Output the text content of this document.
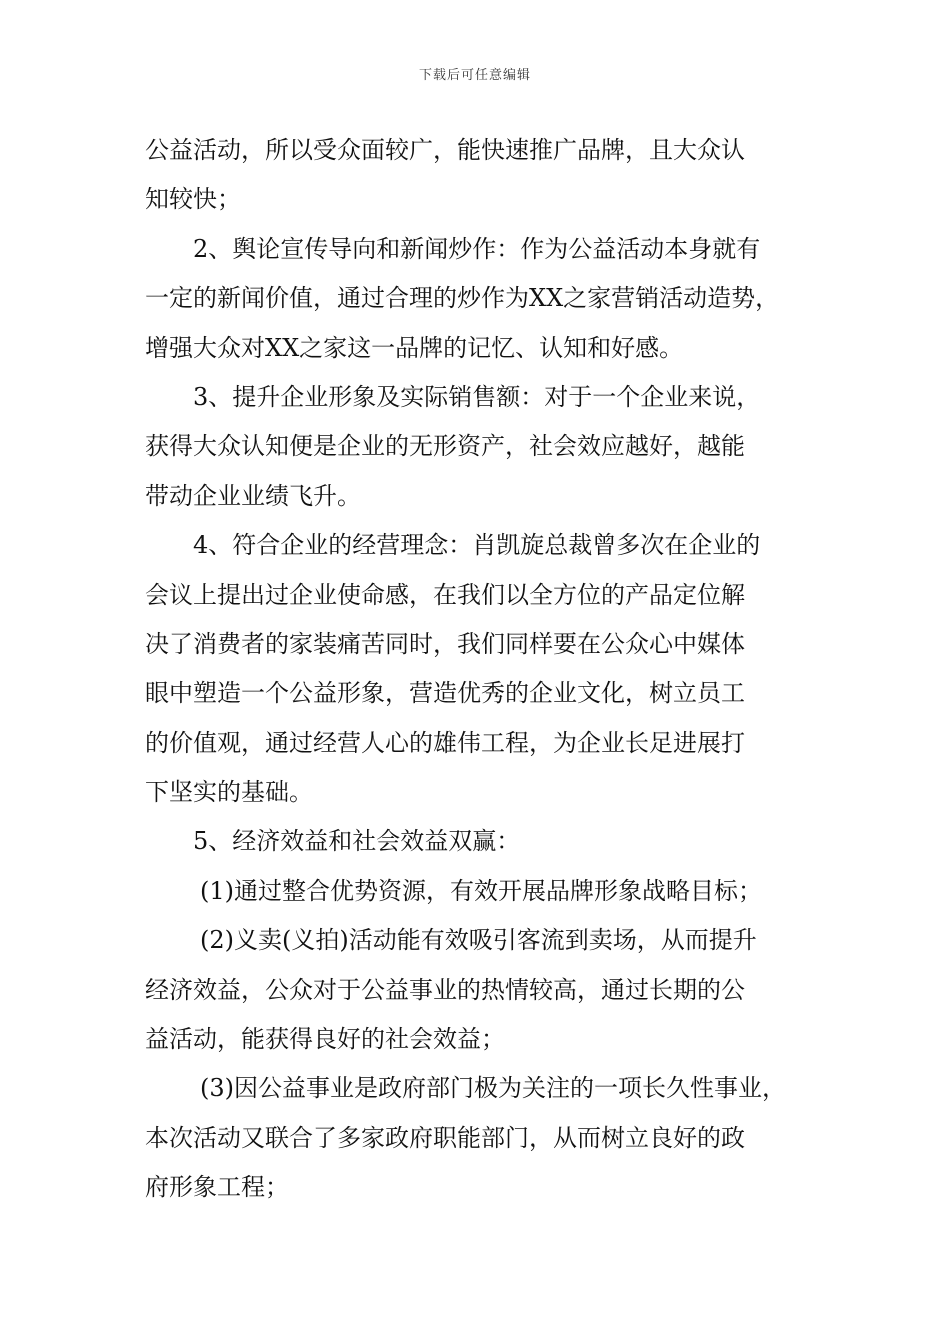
下载后可任意编辑
公益活动，所以受众面较广，能快速推广品牌，且大众认
知较快；
2、舆论宣传导向和新闻炒作：作为公益活动本身就有
一定的新闻价值，通过合理的炒作为XX之家营销活动造势，
增强大众对XX之家这一品牌的记忆、认知和好感。
3、提升企业形象及实际销售额：对于一个企业来说，
获得大众认知便是企业的无形资产，社会效应越好，越能
带动企业业绩飞升。
4、符合企业的经营理念：肖凯旋总裁曾多次在企业的
会议上提出过企业使命感，在我们以全方位的产品定位解
决了消费者的家装痛苦同时，我们同样要在公众心中媒体
眼中塑造一个公益形象，营造优秀的企业文化，树立员工
的价值观，通过经营人心的雄伟工程，为企业长足进展打
下坚实的基础。
5、经济效益和社会效益双赢：
(1)通过整合优势资源，有效开展品牌形象战略目标；
(2)义卖(义拍)活动能有效吸引客流到卖场，从而提升
经济效益，公众对于公益事业的热情较高，通过长期的公
益活动，能获得良好的社会效益；
(3)因公益事业是政府部门极为关注的一项长久性事业，
本次活动又联合了多家政府职能部门，从而树立良好的政
府形象工程；
